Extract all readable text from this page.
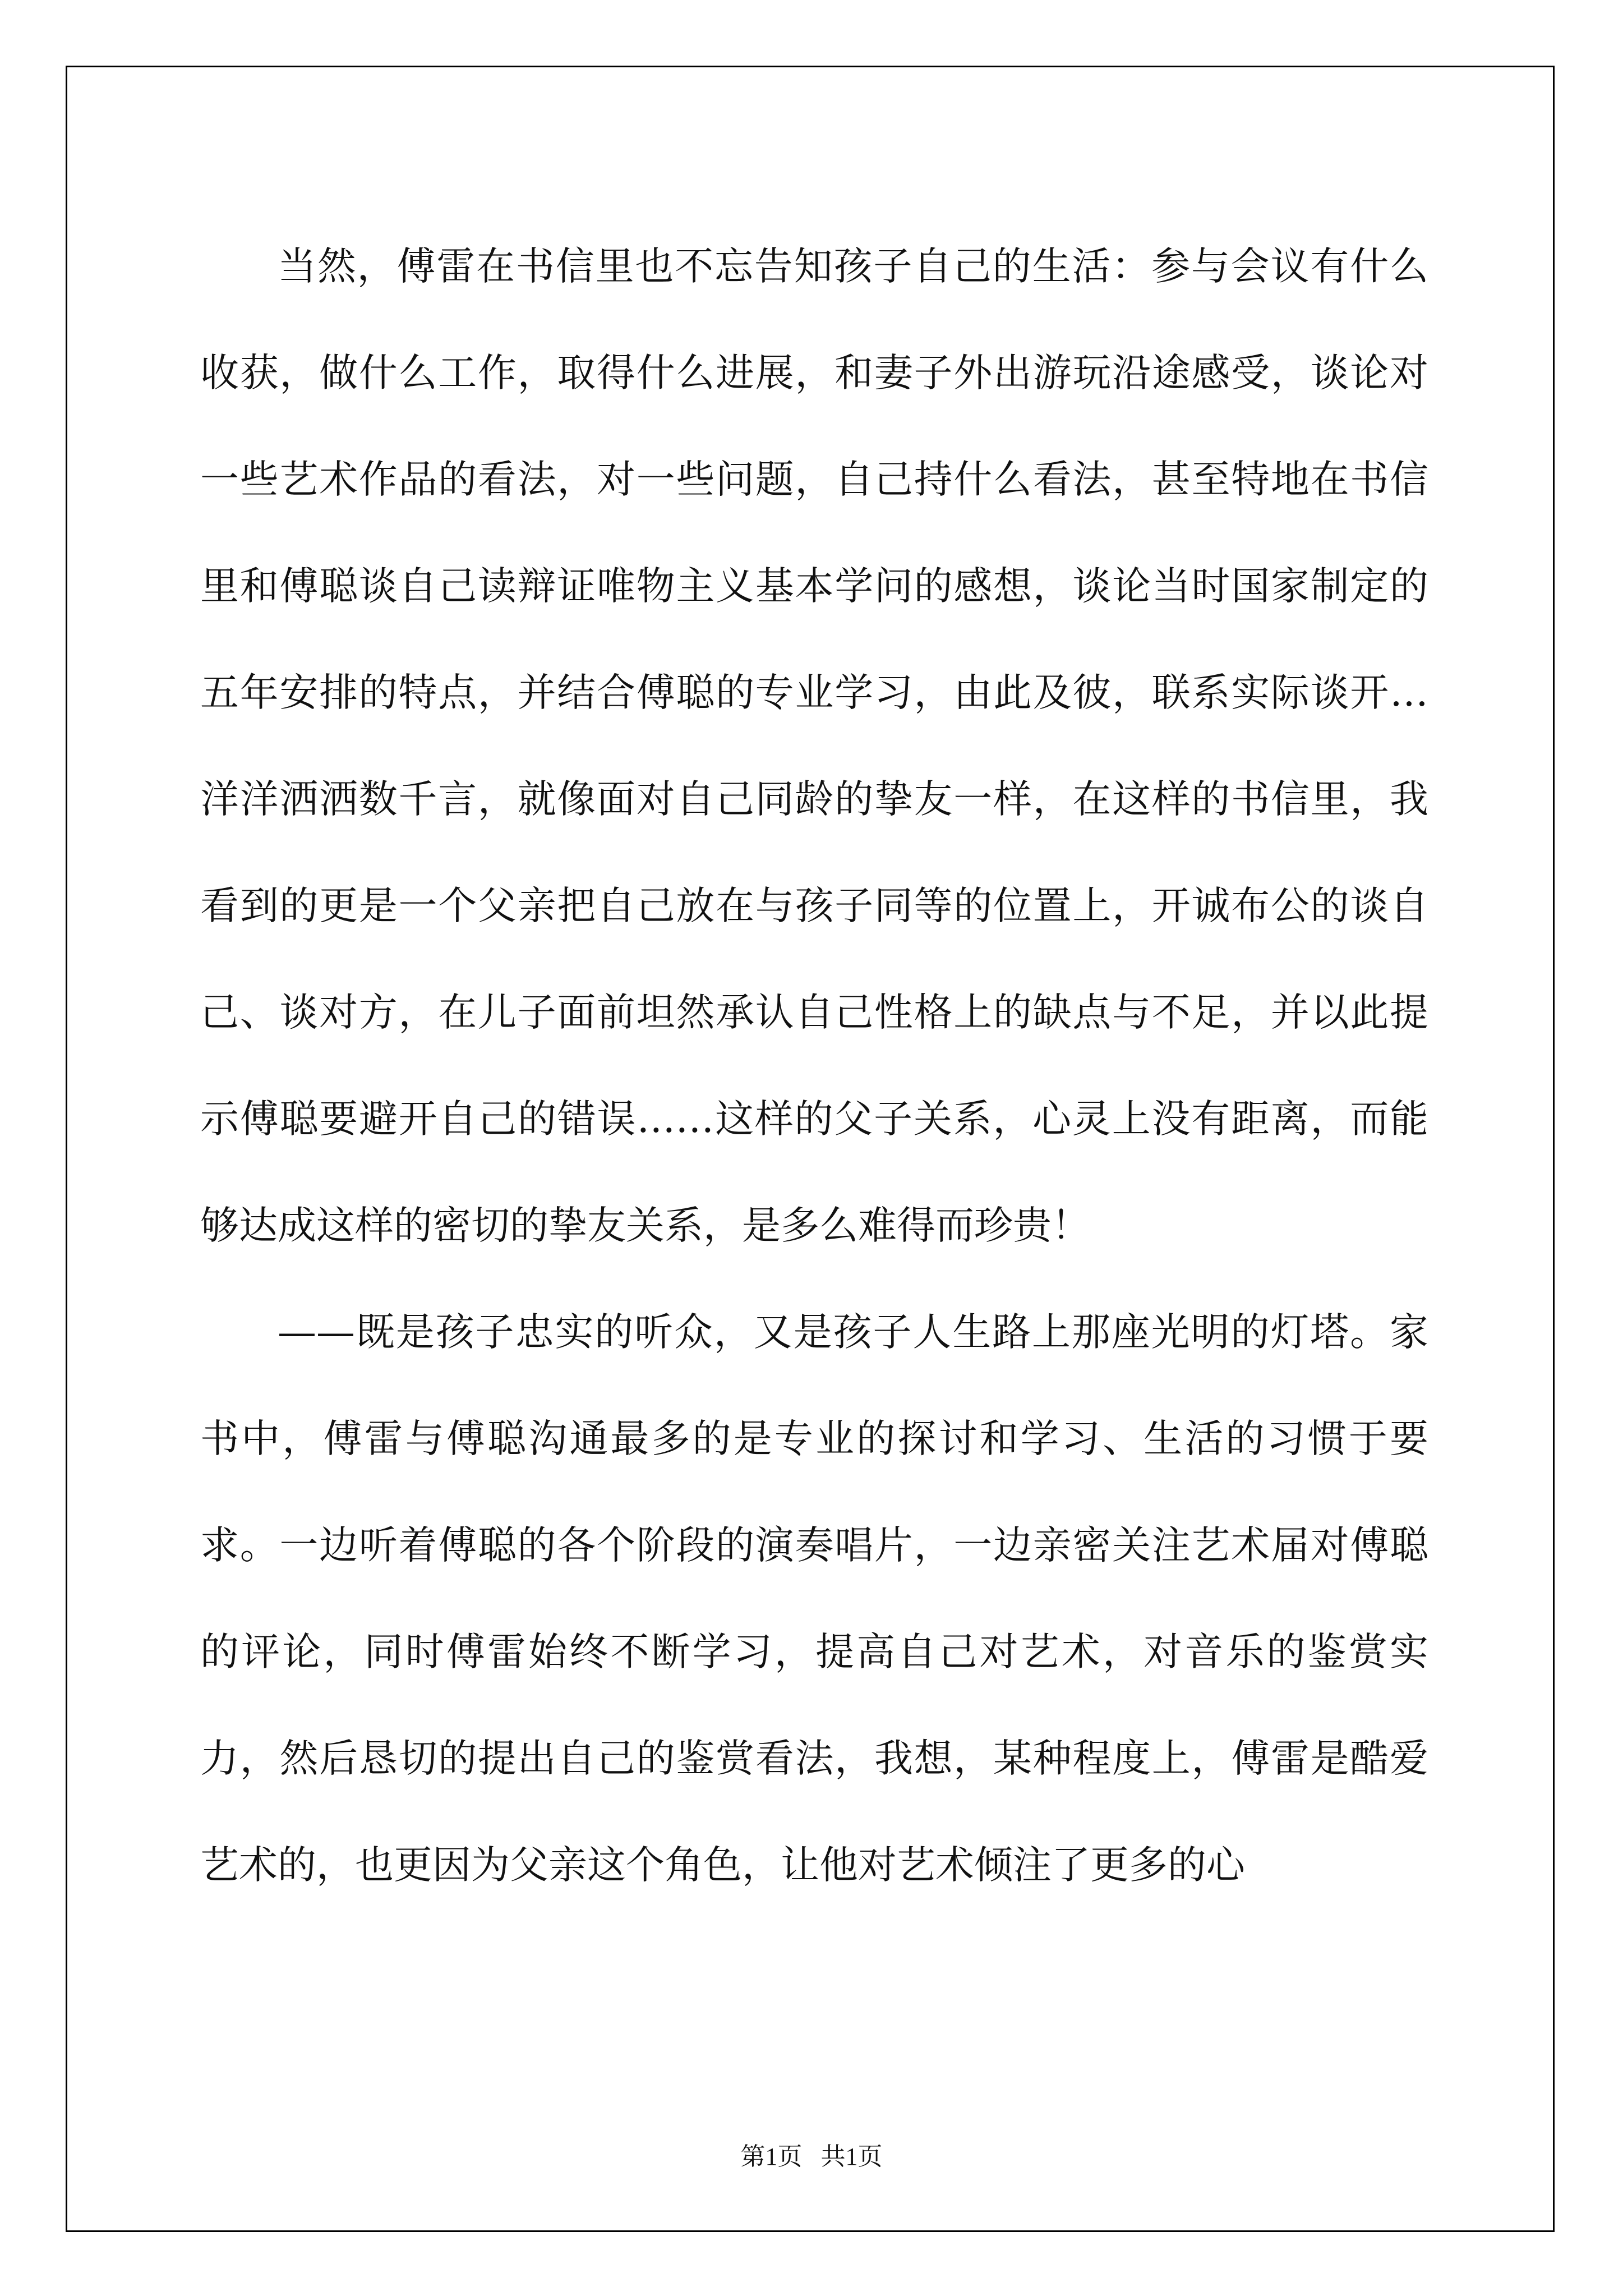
当然，傅雷在书信里也不忘告知孩子自己的生活：参与会议有什么收获，做什么工作，取得什么进展，和妻子外出游玩沿途感受，谈论对一些艺术作品的看法，对一些问题，自己持什么看法，甚至特地在书信里和傅聪谈自己读辩证唯物主义基本学问的感想，谈论当时国家制定的五年安排的特点，并结合傅聪的专业学习，由此及彼，联系实际谈开…洋洋洒洒数千言，就像面对自己同龄的挚友一样，在这样的书信里，我看到的更是一个父亲把自己放在与孩子同等的位置上，开诚布公的谈自己、谈对方，在儿子面前坦然承认自己性格上的缺点与不足，并以此提示傅聪要避开自己的错误……这样的父子关系，心灵上没有距离，而能够达成这样的密切的挚友关系，是多么难得而珍贵！

——既是孩子忠实的听众，又是孩子人生路上那座光明的灯塔。家书中，傅雷与傅聪沟通最多的是专业的探讨和学习、生活的习惯于要求。一边听着傅聪的各个阶段的演奏唱片，一边亲密关注艺术届对傅聪的评论，同时傅雷始终不断学习，提高自己对艺术，对音乐的鉴赏实力，然后恳切的提出自己的鉴赏看法，我想，某种程度上，傅雷是酷爱艺术的，也更因为父亲这个角色，让他对艺术倾注了更多的心

第1页 共1页
